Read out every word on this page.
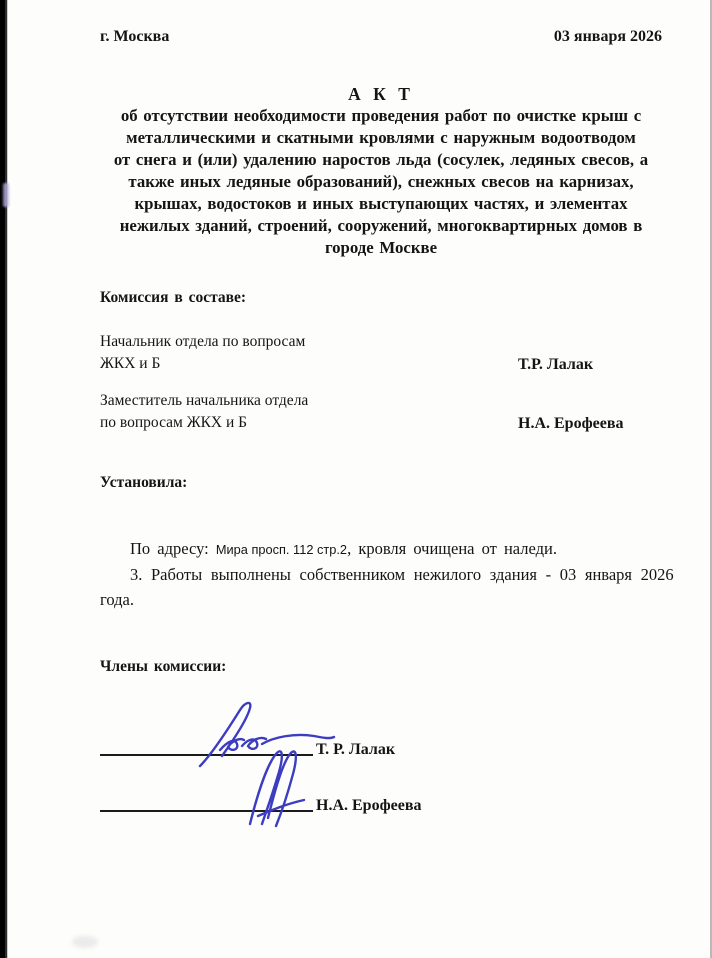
г. Москва	03 января 2026
А К Т
об отсутствии необходимости проведения работ по очистке крыш с
металлическими и скатными кровлями с наружным водоотводом
от снега и (или) удалению наростов льда (сосулек, ледяных свесов, а
также иных ледяные образований), снежных свесов на карнизах,
крышах, водостоков и иных выступающих частях, и элементах
нежилых зданий, строений, сооружений, многоквартирных домов в
городе Москве
Комиссия в составе:
Начальник отдела по вопросам
ЖКХ и Б	Т.Р. Лалак
Заместитель начальника отдела
по вопросам ЖКХ и Б	Н.А. Ерофеева
Установила:

По адресу: Мира просп. 112 стр.2, кровля очищена от наледи.

3. Работы выполнены собственником нежилого здания - 03 января 2026

года.

Члены комиссии:
Т. Р. Лалак
Н.А. Ерофеева
